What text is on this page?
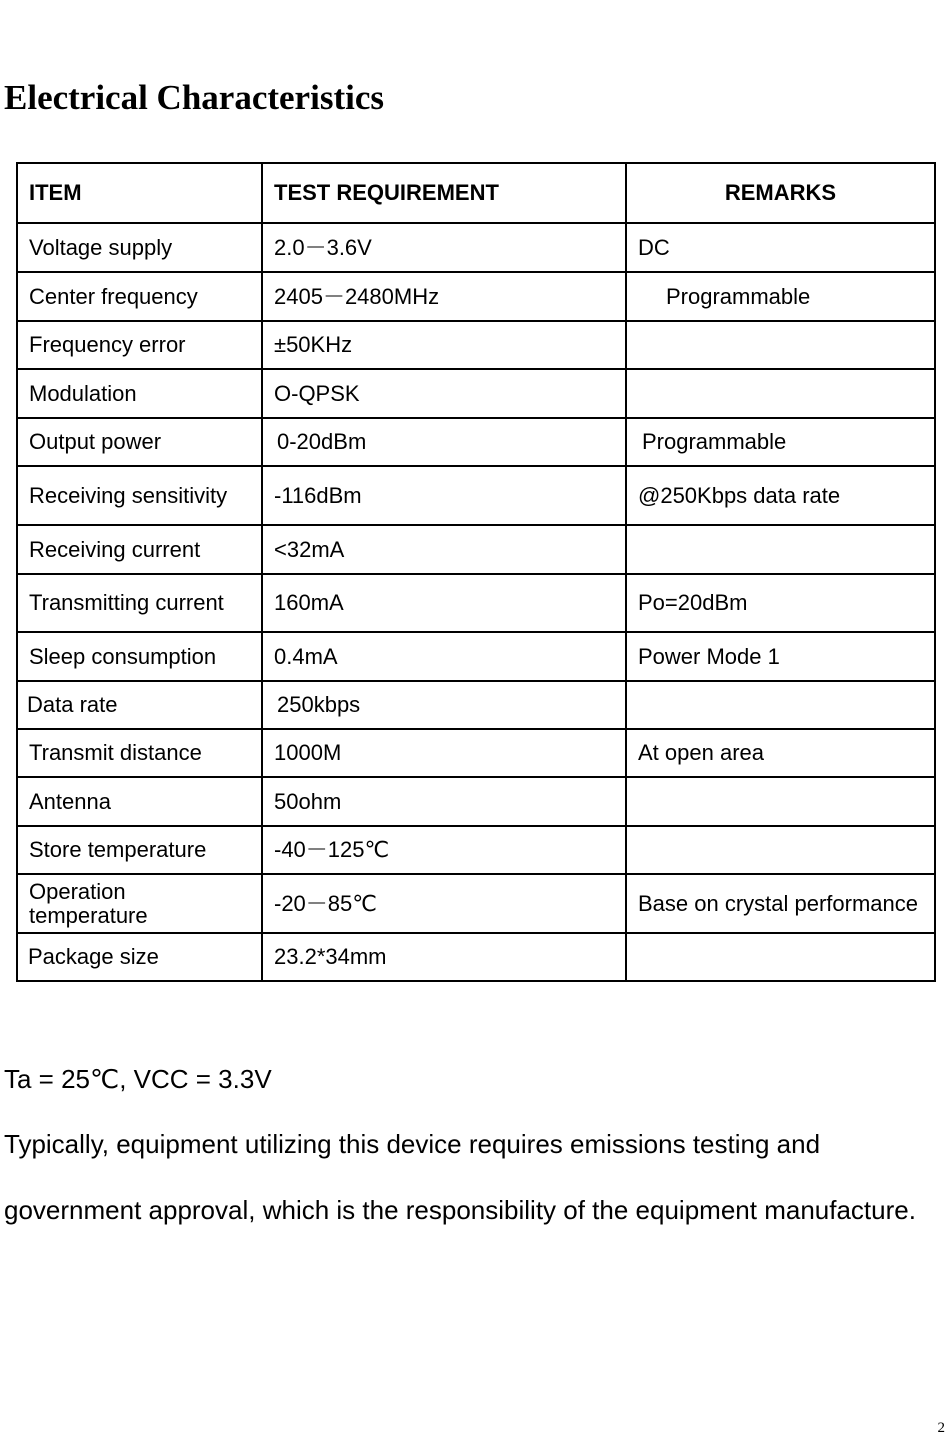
Electrical Characteristics
ITEM	TEST REQUIREMENT	REMARKS
Voltage supply	2.0－3.6V	DC
Center frequency	2405－2480MHz	Programmable
Frequency error	±50KHz	
Modulation	O-QPSK	
Output power	0-20dBm	Programmable
Receiving sensitivity	-116dBm	@250Kbps data rate
Receiving current	<32mA	
Transmitting current	160mA	Po=20dBm
Sleep consumption	0.4mA	Power Mode 1
Data rate	250kbps	
Transmit distance	1000M	At open area
Antenna	50ohm	
Store temperature	-40－125℃	
Operation temperature	-20－85℃	Base on crystal performance
Package size	23.2*34mm	

Ta = 25℃, VCC = 3.3V

Typically, equipment utilizing this device requires emissions testing and government approval, which is the responsibility of the equipment manufacture.

2
